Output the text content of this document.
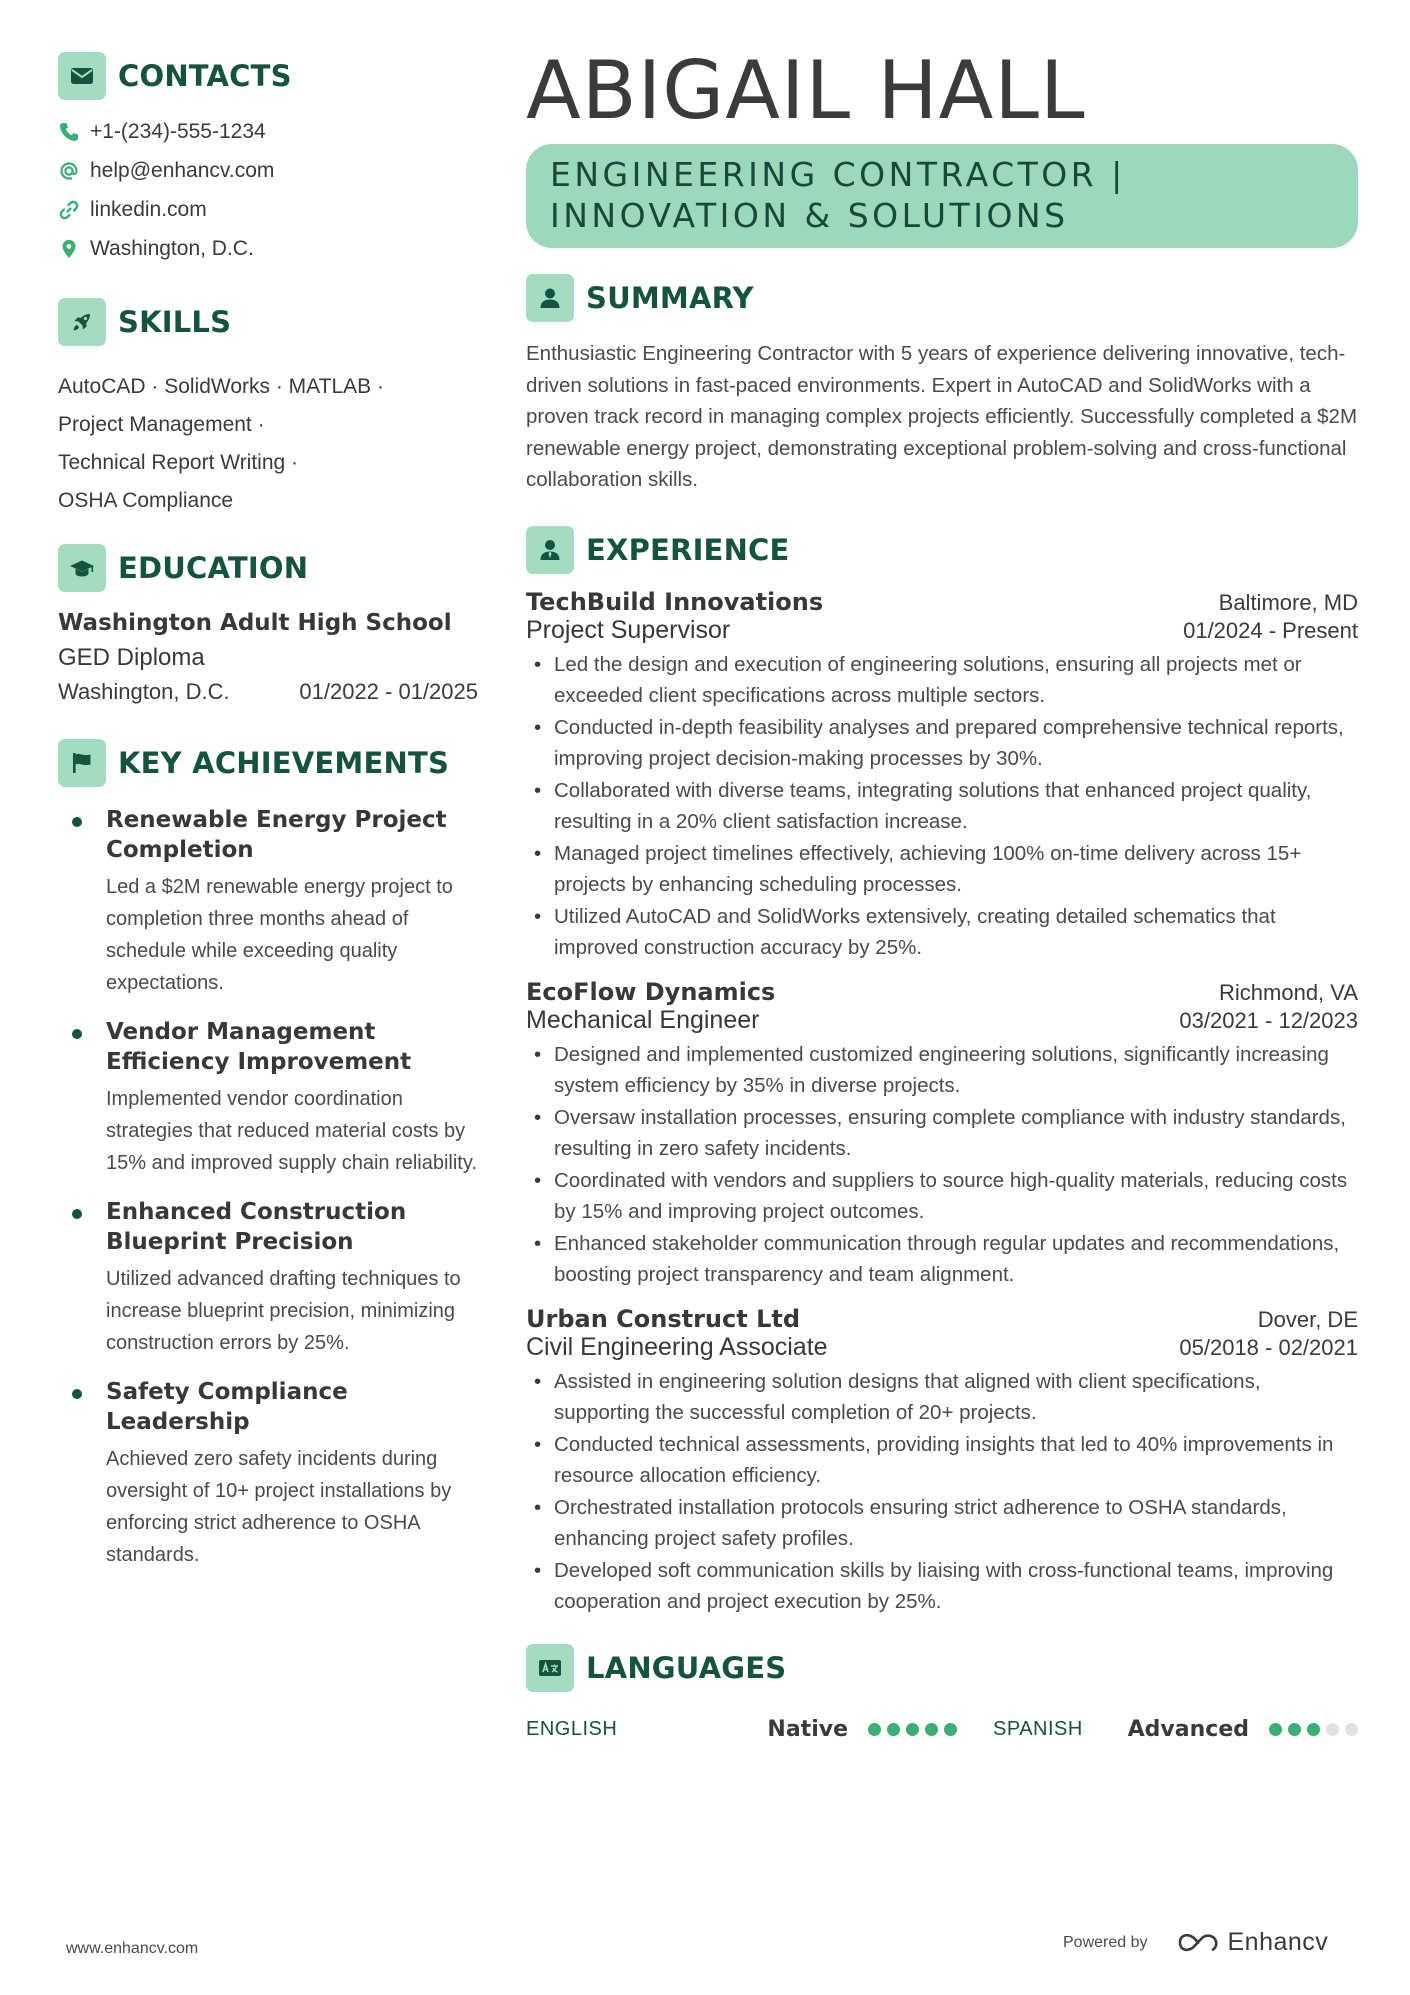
CONTACTS
+1-(234)-555-1234
help@enhancv.com
linkedin.com
Washington, D.C.
SKILLS
AutoCAD · SolidWorks · MATLAB ·
Project Management ·
Technical Report Writing ·
OSHA Compliance
EDUCATION
Washington Adult High School
GED Diploma
Washington, D.C.	01/2022 - 01/2025
KEY ACHIEVEMENTS
Renewable Energy Project Completion
Led a $2M renewable energy project to completion three months ahead of schedule while exceeding quality expectations.
Vendor Management Efficiency Improvement
Implemented vendor coordination strategies that reduced material costs by 15% and improved supply chain reliability.
Enhanced Construction Blueprint Precision
Utilized advanced drafting techniques to increase blueprint precision, minimizing construction errors by 25%.
Safety Compliance Leadership
Achieved zero safety incidents during oversight of 10+ project installations by enforcing strict adherence to OSHA standards.
ABIGAIL HALL
ENGINEERING CONTRACTOR |
INNOVATION & SOLUTIONS
SUMMARY
Enthusiastic Engineering Contractor with 5 years of experience delivering innovative, tech-driven solutions in fast-paced environments. Expert in AutoCAD and SolidWorks with a proven track record in managing complex projects efficiently. Successfully completed a $2M renewable energy project, demonstrating exceptional problem-solving and cross-functional collaboration skills.
EXPERIENCE
TechBuild Innovations	Baltimore, MD
Project Supervisor	01/2024 - Present
• Led the design and execution of engineering solutions, ensuring all projects met or exceeded client specifications across multiple sectors.
• Conducted in-depth feasibility analyses and prepared comprehensive technical reports, improving project decision-making processes by 30%.
• Collaborated with diverse teams, integrating solutions that enhanced project quality, resulting in a 20% client satisfaction increase.
• Managed project timelines effectively, achieving 100% on-time delivery across 15+ projects by enhancing scheduling processes.
• Utilized AutoCAD and SolidWorks extensively, creating detailed schematics that improved construction accuracy by 25%.
EcoFlow Dynamics	Richmond, VA
Mechanical Engineer	03/2021 - 12/2023
• Designed and implemented customized engineering solutions, significantly increasing system efficiency by 35% in diverse projects.
• Oversaw installation processes, ensuring complete compliance with industry standards, resulting in zero safety incidents.
• Coordinated with vendors and suppliers to source high-quality materials, reducing costs by 15% and improving project outcomes.
• Enhanced stakeholder communication through regular updates and recommendations, boosting project transparency and team alignment.
Urban Construct Ltd	Dover, DE
Civil Engineering Associate	05/2018 - 02/2021
• Assisted in engineering solution designs that aligned with client specifications, supporting the successful completion of 20+ projects.
• Conducted technical assessments, providing insights that led to 40% improvements in resource allocation efficiency.
• Orchestrated installation protocols ensuring strict adherence to OSHA standards, enhancing project safety profiles.
• Developed soft communication skills by liaising with cross-functional teams, improving cooperation and project execution by 25%.
LANGUAGES
ENGLISH	Native	SPANISH	Advanced
www.enhancv.com	Powered by	Enhancv
